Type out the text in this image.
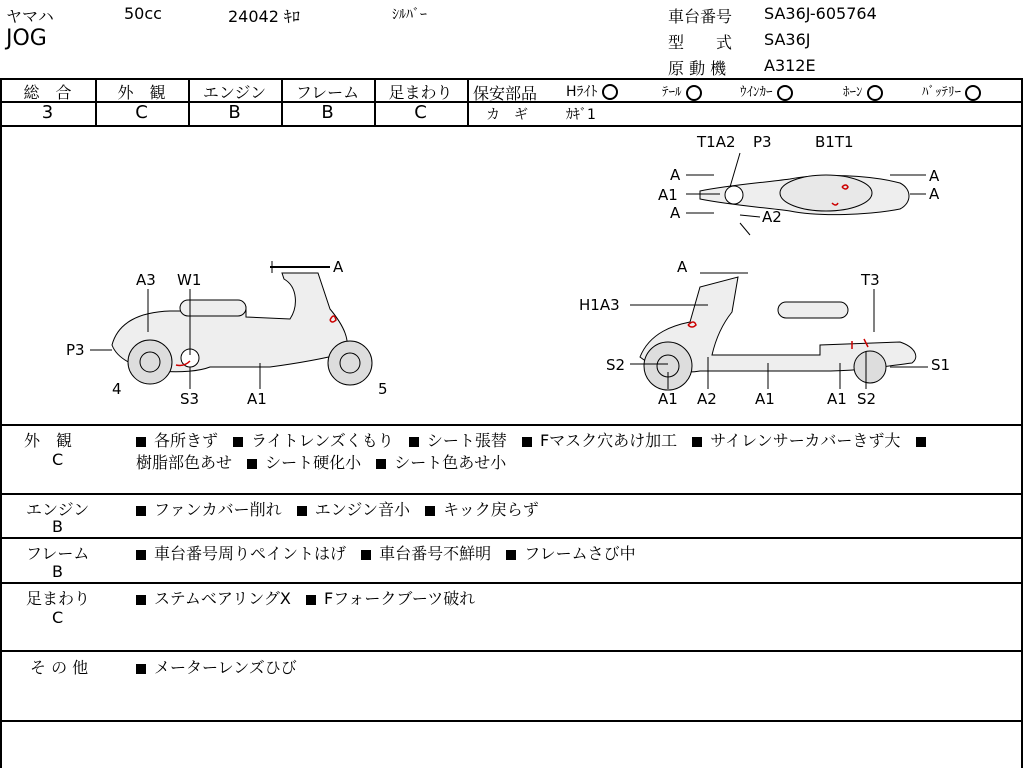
ヤマハ	50cc	24042 ｷﾛ	ｼﾙﾊﾞｰ
JOG
車台番号 SA36J-605764
型　　式 SA36J
原 動 機 A312E
総　合
3
外　観
C
エンジン
B
フレーム
B
足まわり
C
保安部品 Hﾗｲﾄ	ﾃｰﾙ	ｳｲﾝｶｰ	ﾎｰﾝ	ﾊﾞｯﾃﾘｰ
カ　ギ	ｶｷﾞ1
T1A2 P3	B1T1
A
A1
A
A
A
A2
A3 W1
A
P3
4
S3	A1
5
A
T3
H1A3
S2	S1
A1 A2	A1	A1 S2
外　観
C
各所きず ライトレンズくもり シート張替 Fマスク穴あけ加工 サイレンサーカバーきず大
樹脂部色あせ シート硬化小 シート色あせ小
エンジン
B
ファンカバー削れ エンジン音小 キック戻らず
フレーム
B
車台番号周りペイントはげ 車台番号不鮮明 フレームさび中
足まわり
C
ステムベアリングX Fフォークブーツ破れ
そ の 他	メーターレンズひび
